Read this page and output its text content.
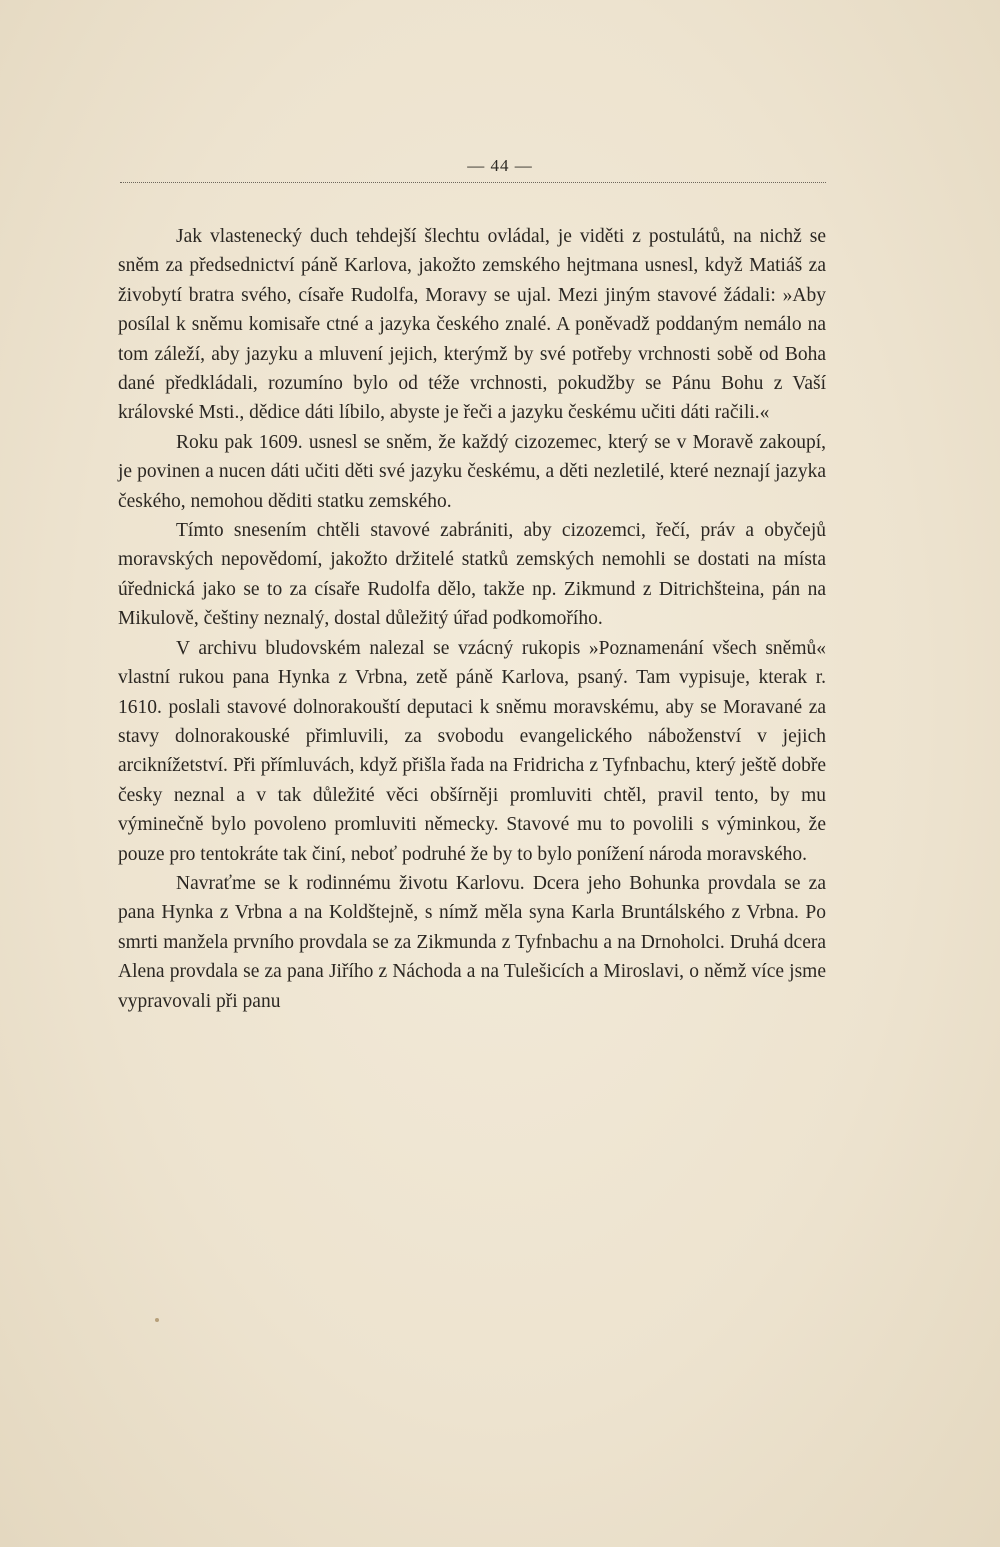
— 44 —

Jak vlastenecký duch tehdejší šlechtu ovládal, je viděti z postulátů, na nichž se sněm za předsednictví páně Karlova, jakožto zemského hejtmana usnesl, když Matiáš za živobytí bratra svého, císaře Rudolfa, Moravy se ujal. Mezi jiným stavové žádali: »Aby posílal k sněmu komisaře ctné a jazyka českého znalé. A poněvadž poddaným nemálo na tom záleží, aby jazyku a mluvení jejich, kterýmž by své potřeby vrchnosti sobě od Boha dané předkládali, rozumíno bylo od téže vrchnosti, pokudžby se Pánu Bohu z Vaší královské Msti., dědice dáti líbilo, abyste je řeči a jazyku českému učiti dáti račili.«

Roku pak 1609. usnesl se sněm, že každý cizozemec, který se v Moravě zakoupí, je povinen a nucen dáti učiti děti své jazyku českému, a děti nezletilé, které neznají jazyka českého, nemohou děditi statku zemského.

Tímto snesením chtěli stavové zabrániti, aby cizozemci, řečí, práv a obyčejů moravských nepovědomí, jakožto držitelé statků zemských nemohli se dostati na místa úřednická jako se to za císaře Rudolfa dělo, takže np. Zikmund z Ditrichšteina, pán na Mikulově, češtiny neznalý, dostal důležitý úřad podkomořího.

V archivu bludovském nalezal se vzácný rukopis »Poznamenání všech sněmů« vlastní rukou pana Hynka z Vrbna, zetě páně Karlova, psaný. Tam vypisuje, kterak r. 1610. poslali stavové dolnorakouští deputaci k sněmu moravskému, aby se Moravané za stavy dolnorakouské přimluvili, za svobodu evangelického náboženství v jejich arciknížetství. Při přímluvách, když přišla řada na Fridricha z Tyfnbachu, který ještě dobře česky neznal a v tak důležité věci obšírněji promluviti chtěl, pravil tento, by mu výminečně bylo povoleno promluviti německy. Stavové mu to povolili s výminkou, že pouze pro tentokráte tak činí, neboť podruhé že by to bylo ponížení národa moravského.

Navraťme se k rodinnému životu Karlovu. Dcera jeho Bohunka provdala se za pana Hynka z Vrbna a na Koldštejně, s nímž měla syna Karla Bruntálského z Vrbna. Po smrti manžela prvního provdala se za Zikmunda z Tyfnbachu a na Drnoholci. Druhá dcera Alena provdala se za pana Jiřího z Náchoda a na Tulešicích a Miroslavi, o němž více jsme vypravovali při panu
